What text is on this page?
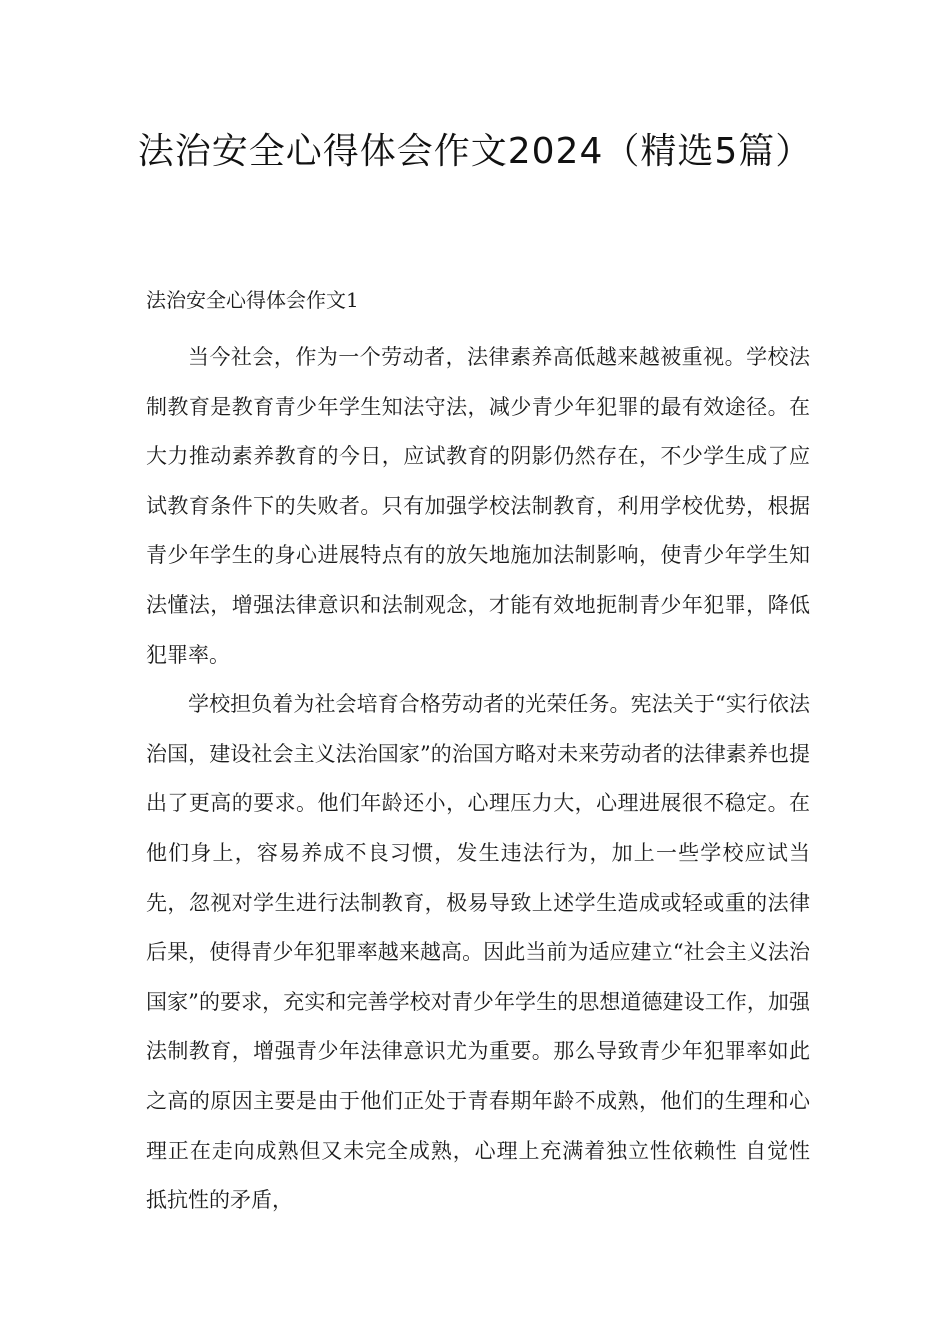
法治安全心得体会作文2024（精选5篇）
法治安全心得体会作文1

当今社会，作为一个劳动者，法律素养高低越来越被重视。学校法制教育是教育青少年学生知法守法，减少青少年犯罪的最有效途径。在大力推动素养教育的今日，应试教育的阴影仍然存在，不少学生成了应试教育条件下的失败者。只有加强学校法制教育，利用学校优势，根据青少年学生的身心进展特点有的放矢地施加法制影响，使青少年学生知法懂法，增强法律意识和法制观念，才能有效地扼制青少年犯罪，降低犯罪率。

学校担负着为社会培育合格劳动者的光荣任务。宪法关于“实行依法治国，建设社会主义法治国家”的治国方略对未来劳动者的法律素养也提出了更高的要求。他们年龄还小，心理压力大，心理进展很不稳定。在他们身上，容易养成不良习惯，发生违法行为，加上一些学校应试当先，忽视对学生进行法制教育，极易导致上述学生造成或轻或重的法律后果，使得青少年犯罪率越来越高。因此当前为适应建立“社会主义法治国家”的要求，充实和完善学校对青少年学生的思想道德建设工作，加强法制教育，增强青少年法律意识尤为重要。那么导致青少年犯罪率如此之高的原因主要是由于他们正处于青春期年龄不成熟，他们的生理和心理正在走向成熟但又未完全成熟，心理上充满着独立性依赖性 自觉性 抵抗性的矛盾，
